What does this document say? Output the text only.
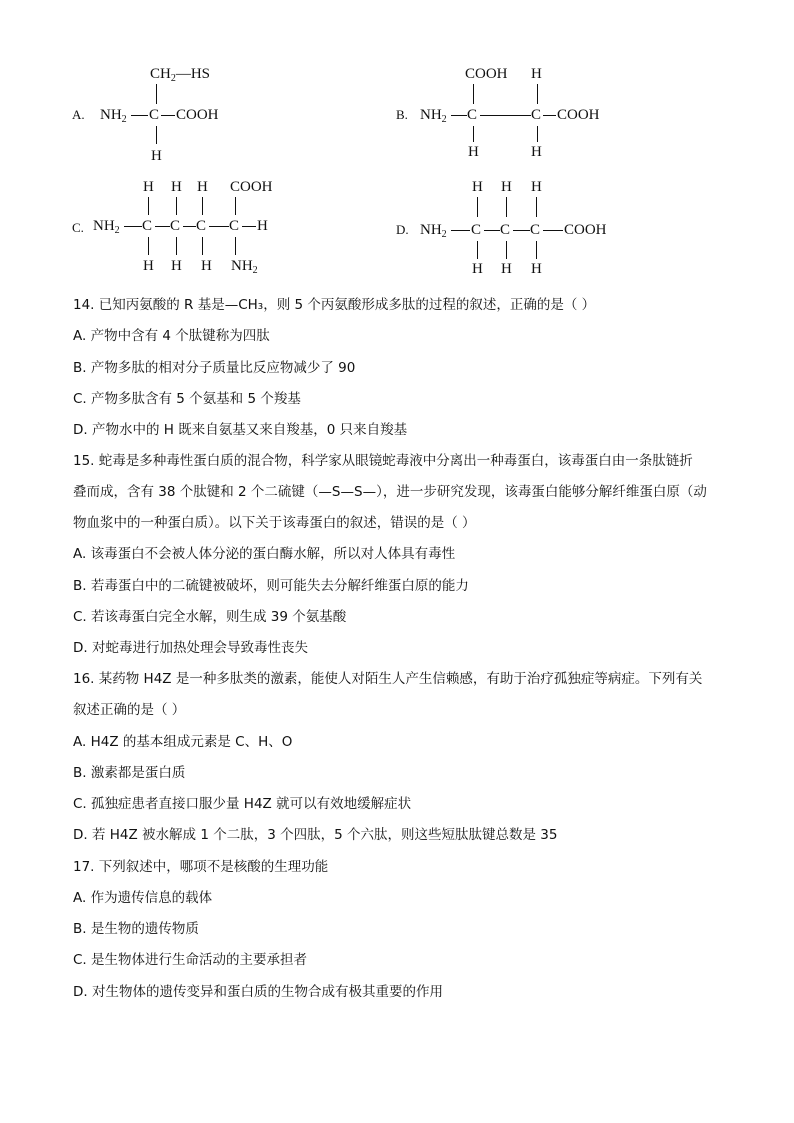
A.
$CH_2—HS$
$NH_2$ C COOH
H
B.
COOH H
$NH_2$ C	C COOH
H	H
C.
H H H COOH
$NH_2$ C C C C H
H H H $NH_2$
D.
H H H
$NH_2$ C C C COOH
H H H
14. 已知丙氨酸的 R 基是—CH₃，则 5 个丙氨酸形成多肽的过程的叙述，正确的是（ ）
A. 产物中含有 4 个肽键称为四肽
B. 产物多肽的相对分子质量比反应物减少了 90
C. 产物多肽含有 5 个氨基和 5 个羧基
D. 产物水中的 H 既来自氨基又来自羧基，0 只来自羧基
15. 蛇毒是多种毒性蛋白质的混合物，科学家从眼镜蛇毒液中分离出一种毒蛋白，该毒蛋白由一条肽链折
叠而成，含有 38 个肽键和 2 个二硫键（—S—S—），进一步研究发现，该毒蛋白能够分解纤维蛋白原（动
物血浆中的一种蛋白质）。以下关于该毒蛋白的叙述，错误的是（ ）
A. 该毒蛋白不会被人体分泌的蛋白酶水解，所以对人体具有毒性
B. 若毒蛋白中的二硫键被破坏，则可能失去分解纤维蛋白原的能力
C. 若该毒蛋白完全水解，则生成 39 个氨基酸
D. 对蛇毒进行加热处理会导致毒性丧失
16. 某药物 H4Z 是一种多肽类的激素，能使人对陌生人产生信赖感，有助于治疗孤独症等病症。下列有关
叙述正确的是（ ）
A. H4Z 的基本组成元素是 C、H、O
B. 激素都是蛋白质
C. 孤独症患者直接口服少量 H4Z 就可以有效地缓解症状
D. 若 H4Z 被水解成 1 个二肽，3 个四肽，5 个六肽，则这些短肽肽键总数是 35
17. 下列叙述中，哪项不是核酸的生理功能
A. 作为遗传信息的载体
B. 是生物的遗传物质
C. 是生物体进行生命活动的主要承担者
D. 对生物体的遗传变异和蛋白质的生物合成有极其重要的作用
